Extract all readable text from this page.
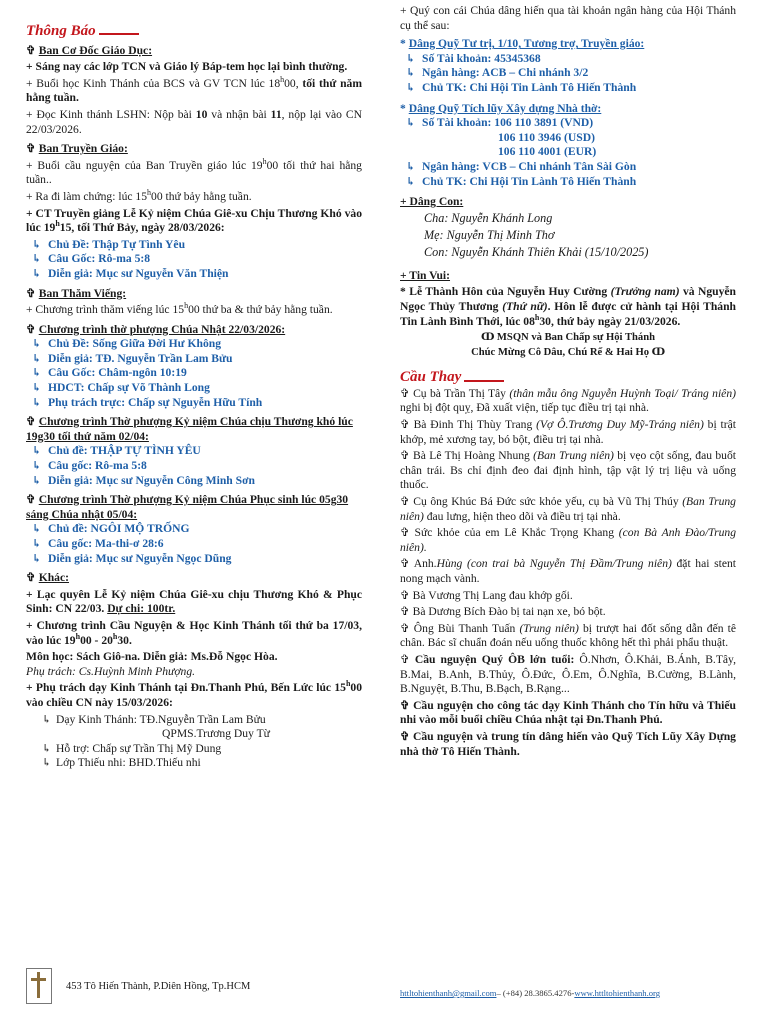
Thông Báo
✞ Ban Cơ Đốc Giáo Dục:

+ Sáng nay các lớp TCN và Giáo lý Báp-tem học lại bình thường.

+ Buổi học Kinh Thánh của BCS và GV TCN lúc 18$^h$00, tối thứ năm hằng tuần.

+ Đọc Kinh thánh LSHN: Nộp bài 10 và nhận bài 11, nộp lại vào CN 22/03/2026.

✞ Ban Truyền Giáo:

+ Buổi cầu nguyện của Ban Truyền giáo lúc 19$^h$00 tối thứ hai hằng tuần..

+ Ra đi làm chứng: lúc 15$^h$00 thứ bảy hằng tuần.

+ CT Truyền giảng Lễ Kỷ niệm Chúa Giê-xu Chịu Thương Khó vào lúc 19$^h$15, tối Thứ Bảy, ngày 28/03/2026:

↳ Chủ Đề: Thập Tự Tình Yêu
↳ Câu Gốc: Rô-ma 5:8
↳ Diễn giả: Mục sư Nguyễn Văn Thiện
✞ Ban Thăm Viếng:

+ Chương trình thăm viếng lúc 15$^h$00 thứ ba & thứ bảy hằng tuần.

✞ Chương trình thờ phượng Chúa Nhật 22/03/2026:
↳ Chủ Đề: Sống Giữa Đời Hư Không
↳ Diễn giả: TĐ. Nguyễn Trần Lam Bửu
↳ Câu Gốc: Châm-ngôn 10:19
↳ HDCT: Chấp sự Võ Thành Long
↳ Phụ trách trực: Chấp sự Nguyễn Hữu Tính
✞ Chương trình Thờ phượng Kỷ niệm Chúa chịu Thương khó lúc 19g30 tối thứ năm 02/04:
↳ Chủ đề: THẬP TỰ TÌNH YÊU
↳ Câu gốc: Rô-ma 5:8
↳ Diễn giả: Mục sư Nguyễn Công Minh Sơn
✞ Chương trình Thờ phượng Kỷ niệm Chúa Phục sinh lúc 05g30 sáng Chúa nhật 05/04:
↳ Chủ đề: NGÔI MỘ TRỐNG
↳ Câu gốc: Ma-thi-ơ 28:6
↳ Diễn giả: Mục sư Nguyễn Ngọc Dũng
✞ Khác:

+ Lạc quyên Lễ Kỷ niệm Chúa Giê-xu chịu Thương Khó & Phục Sinh: CN 22/03. Dự chi: 100tr.

+ Chương trình Cầu Nguyện & Học Kinh Thánh tối thứ ba 17/03, vào lúc 19$^h$00 - 20$^h$30.

Môn học: Sách Giô-na. Diễn giả: Ms.Đỗ Ngọc Hòa.

Phụ trách: Cs.Huỳnh Minh Phượng.

+ Phụ trách dạy Kinh Thánh tại Đn.Thanh Phú, Bến Lức lúc 15$^h$00 vào chiều CN này 15/03/2026:

↳ Dạy Kinh Thánh: TĐ.Nguyễn Trần Lam Bửu
QPMS.Trương Duy Từ
↳ Hỗ trợ: Chấp sự Trần Thị Mỹ Dung
↳ Lớp Thiếu nhi: BHD.Thiếu nhi
453 Tô Hiến Thành, P.Diên Hồng, Tp.HCM

+ Quý con cái Chúa dâng hiến qua tài khoản ngân hàng của Hội Thánh cụ thể sau:

* Dâng Quỹ Tư trị, 1/10, Tương trợ, Truyền giáo:
↳ Số Tài khoản: 45345368
↳ Ngân hàng: ACB – Chi nhánh 3/2
↳ Chủ TK: Chi Hội Tin Lành Tô Hiến Thành
* Dâng Quỹ Tích lũy Xây dựng Nhà thờ:
↳ Số Tài khoản: 106 110 3891 (VND)
106 110 3946 (USD)
106 110 4001 (EUR)
↳ Ngân hàng: VCB – Chi nhánh Tân Sài Gòn
↳ Chủ TK: Chi Hội Tin Lành Tô Hiến Thành
+ Dâng Con:
Cha: Nguyễn Khánh Long
Mẹ: Nguyễn Thị Minh Thơ
Con: Nguyễn Khánh Thiên Khải (15/10/2025)
+ Tin Vui:

* Lễ Thành Hôn của Nguyễn Huy Cường (Trưởng nam) và Nguyễn Ngọc Thủy Thương (Thứ nữ). Hôn lễ được cử hành tại Hội Thánh Tin Lành Bình Thới, lúc 08$^h$30, thứ bảy ngày 21/03/2026.

ↀ MSQN và Ban Chấp sự Hội Thánh
Chúc Mừng Cô Dâu, Chú Rể & Hai Họ ↀ
Cầu Thay

✞ Cụ bà Trần Thị Tây (thân mẫu ông Nguyễn Huỳnh Toại/ Tráng niên) nghi bị đột quỵ, Đã xuất viện, tiếp tục điều trị tại nhà.

✞ Bà Đinh Thị Thùy Trang (Vợ Ô.Trương Duy Mỹ-Tráng niên) bị trật khớp, mẻ xương tay, bó bột, điều trị tại nhà.

✞ Bà Lê Thị Hoàng Nhung (Ban Trung niên) bị vẹo cột sống, đau buốt chân trái. Bs chỉ định đeo đai định hình, tập vật lý trị liệu và uống thuốc.

✞ Cụ ông Khúc Bá Đức sức khỏe yếu, cụ bà Vũ Thị Thúy (Ban Trung niên) đau lưng, hiện theo dõi và điều trị tại nhà.

✞ Sức khỏe của em Lê Khắc Trọng Khang (con Bà Anh Đào/Trung niên).

✞ Anh.Hùng (con trai bà Nguyễn Thị Đầm/Trung niên) đặt hai stent nong mạch vành.

✞ Bà Vương Thị Lang đau khớp gối.

✞ Bà Dương Bích Đào bị tai nạn xe, bó bột.

✞ Ông Bùi Thanh Tuấn (Trung niên) bị trượt hai đốt sống dẫn đến tê chân. Bác sĩ chuẩn đoán nếu uống thuốc không hết thì phải phẩu thuật.

✞ Cầu nguyện Quý ÔB lớn tuổi: Ô.Nhơn, Ô.Khải, B.Ánh, B.Tây, B.Mai, B.Anh, B.Thủy, Ô.Đức, Ô.Em, Ô.Nghĩa, B.Cường, B.Lành, B.Nguyệt, B.Thu, B.Bạch, B.Rạng...

✞ Cầu nguyện cho công tác dạy Kinh Thánh cho Tín hữu và Thiếu nhi vào mỗi buổi chiều Chúa nhật tại Đn.Thanh Phú.

✞ Cầu nguyện và trung tín dâng hiến vào Quỹ Tích Lũy Xây Dựng nhà thờ Tô Hiến Thành.

httltohienthanh@gmail.com– (+84) 28.3865.4276-www.httltohienthanh.org
